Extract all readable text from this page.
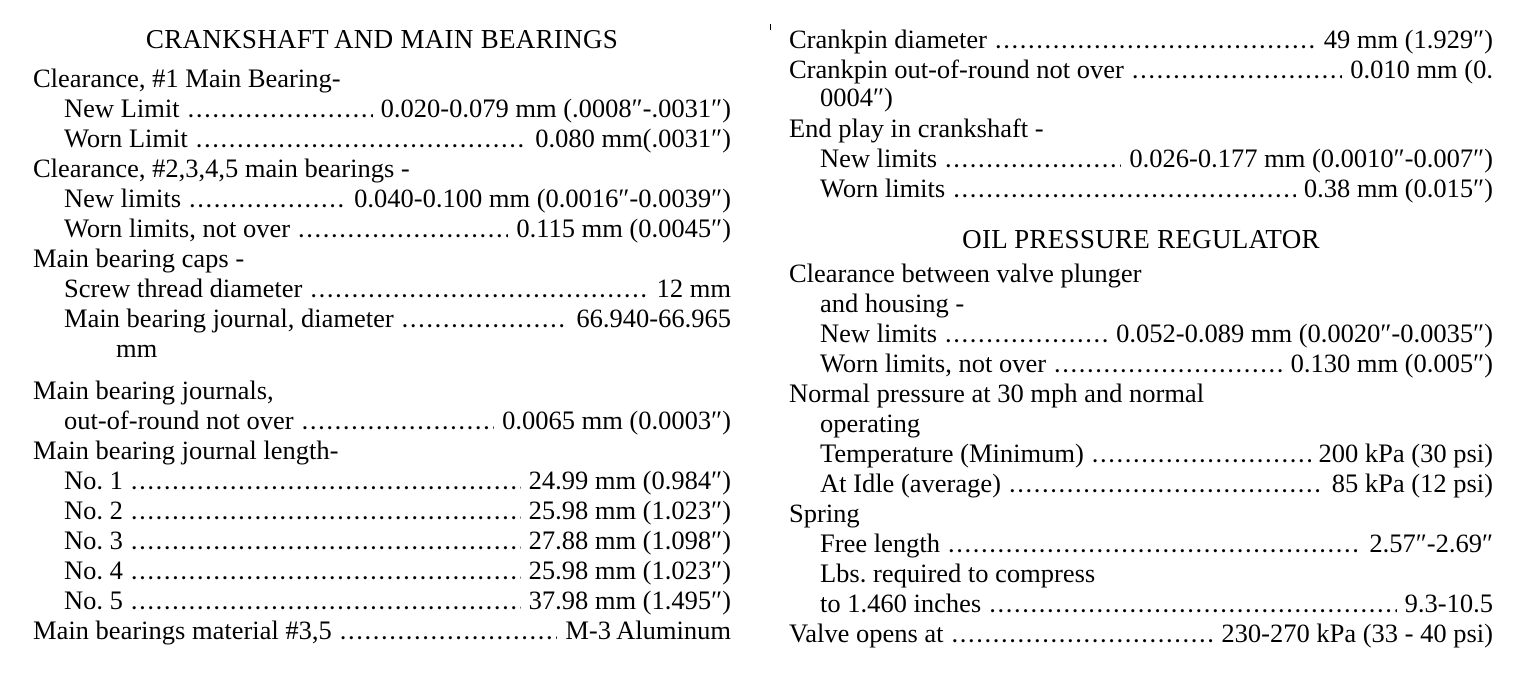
CRANKSHAFT AND MAIN BEARINGS
Clearance, #1 Main Bearing-
New Limit . . .	0.020-0.079 mm (.0008″-.0031″)
Worn Limit . . .	0.080 mm(.0031″)
Clearance, #2,3,4,5 main bearings -
New limits . . .	0.040-0.100 mm (0.0016″-0.0039″)
Worn limits, not over . . .	0.115 mm (0.0045″)
Main bearing caps -
Screw thread diameter . . .	12 mm
Main bearing journal, diameter . . .	66.940-66.965
mm
Main bearing journals,
out-of-round not over . . .	0.0065 mm (0.0003″)
Main bearing journal length-
No. 1 . . .	24.99 mm (0.984″)
No. 2 . . .	25.98 mm (1.023″)
No. 3 . . .	27.88 mm (1.098″)
No. 4 . . .	25.98 mm (1.023″)
No. 5 . . .	37.98 mm (1.495″)
Main bearings material #3,5 . . .	M-3 Aluminum
Crankpin diameter . . .	49 mm (1.929″)
Crankpin out-of-round not over . . .	0.010 mm (0.
0004″)
End play in crankshaft -
New limits . . .	0.026-0.177 mm (0.0010″-0.007″)
Worn limits . . .	0.38 mm (0.015″)
OIL PRESSURE REGULATOR
Clearance between valve plunger
and housing -
New limits . . .	0.052-0.089 mm (0.0020″-0.0035″)
Worn limits, not over . . .	0.130 mm (0.005″)
Normal pressure at 30 mph and normal
operating
Temperature (Minimum) . . .	200 kPa (30 psi)
At Idle (average) . . .	85 kPa (12 psi)
Spring
Free length . . .	2.57″-2.69″
Lbs. required to compress
to 1.460 inches . . .	9.3-10.5
Valve opens at . . .	230-270 kPa (33 - 40 psi)
